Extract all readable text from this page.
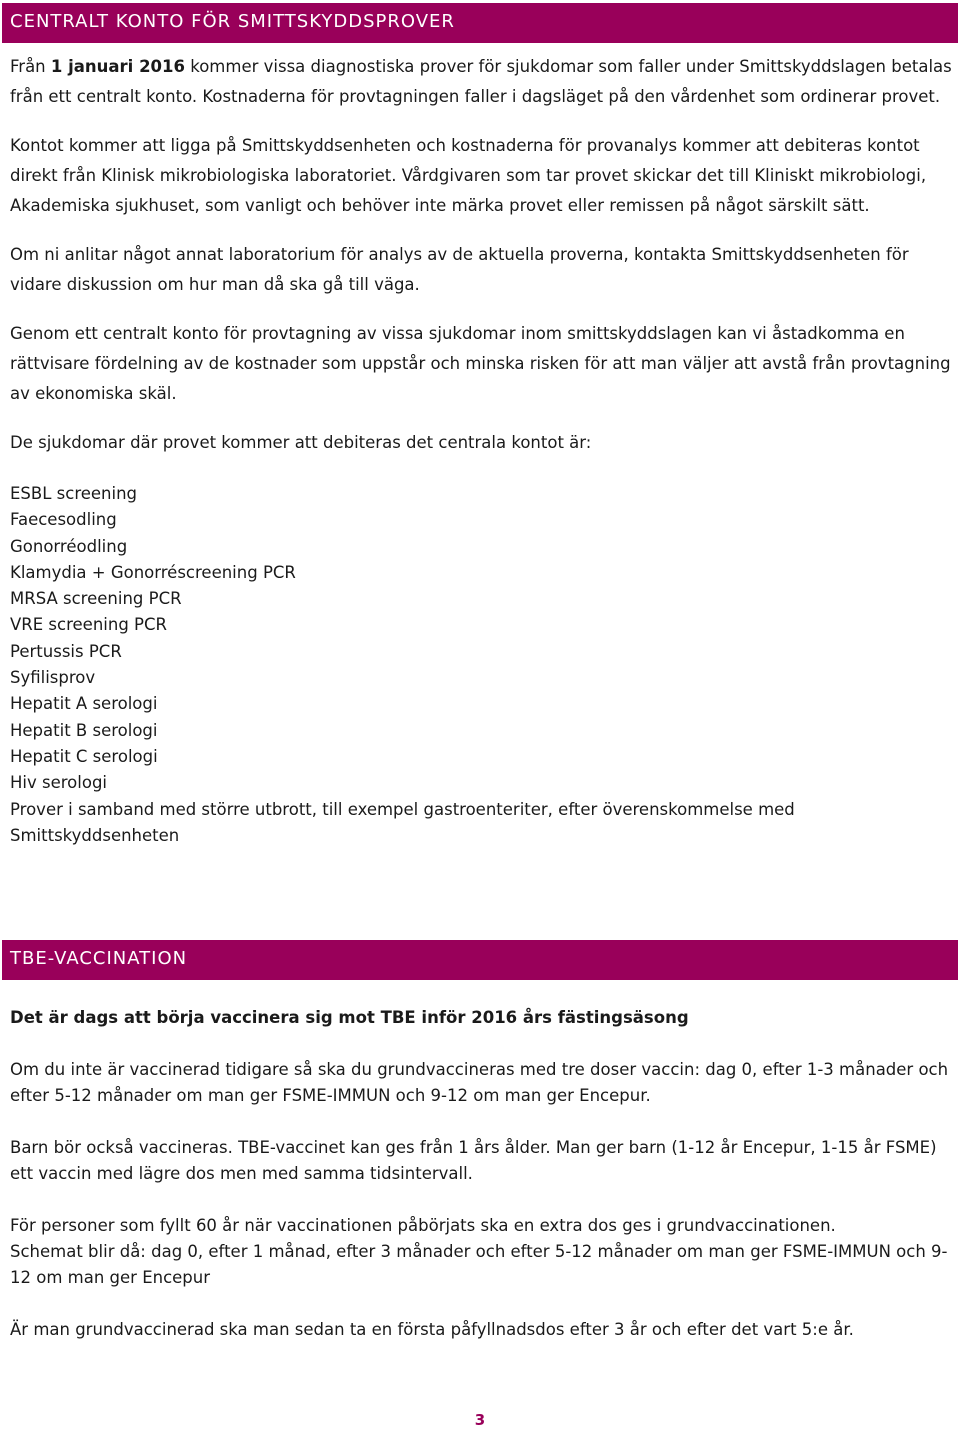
CENTRALT KONTO FÖR SMITTSKYDDSPROVER

Från 1 januari 2016 kommer vissa diagnostiska prover för sjukdomar som faller under Smittskyddslagen betalas från ett centralt konto. Kostnaderna för provtagningen faller i dagsläget på den vårdenhet som ordinerar provet.

Kontot kommer att ligga på Smittskyddsenheten och kostnaderna för provanalys kommer att debiteras kontot direkt från Klinisk mikrobiologiska laboratoriet. Vårdgivaren som tar provet skickar det till Kliniskt mikrobiologi, Akademiska sjukhuset, som vanligt och behöver inte märka provet eller remissen på något särskilt sätt.

Om ni anlitar något annat laboratorium för analys av de aktuella proverna, kontakta Smittskyddsenheten för vidare diskussion om hur man då ska gå till väga.

Genom ett centralt konto för provtagning av vissa sjukdomar inom smittskyddslagen kan vi åstadkomma en rättvisare fördelning av de kostnader som uppstår och minska risken för att man väljer att avstå från provtagning av ekonomiska skäl.

De sjukdomar där provet kommer att debiteras det centrala kontot är:

ESBL screening
Faecesodling
Gonorréodling
Klamydia + Gonorréscreening PCR
MRSA screening PCR
VRE screening PCR
Pertussis PCR
Syfilisprov
Hepatit A serologi
Hepatit B serologi
Hepatit C serologi
Hiv serologi
Prover i samband med större utbrott, till exempel gastroenteriter, efter överenskommelse med Smittskyddsenheten
TBE-VACCINATION

Det är dags att börja vaccinera sig mot TBE inför 2016 års fästingsäsong

Om du inte är vaccinerad tidigare så ska du grundvaccineras med tre doser vaccin: dag 0, efter 1-3 månader och efter 5-12 månader om man ger FSME-IMMUN och 9-12 om man ger Encepur.

Barn bör också vaccineras. TBE-vaccinet kan ges från 1 års ålder. Man ger barn (1-12 år Encepur, 1-15 år FSME) ett vaccin med lägre dos men med samma tidsintervall.

För personer som fyllt 60 år när vaccinationen påbörjats ska en extra dos ges i grundvaccinationen.

Schemat blir då: dag 0, efter 1 månad, efter 3 månader och efter 5-12 månader om man ger FSME-IMMUN och 9-12 om man ger Encepur

Är man grundvaccinerad ska man sedan ta en första påfyllnadsdos efter 3 år och efter det vart 5:e år.

3
